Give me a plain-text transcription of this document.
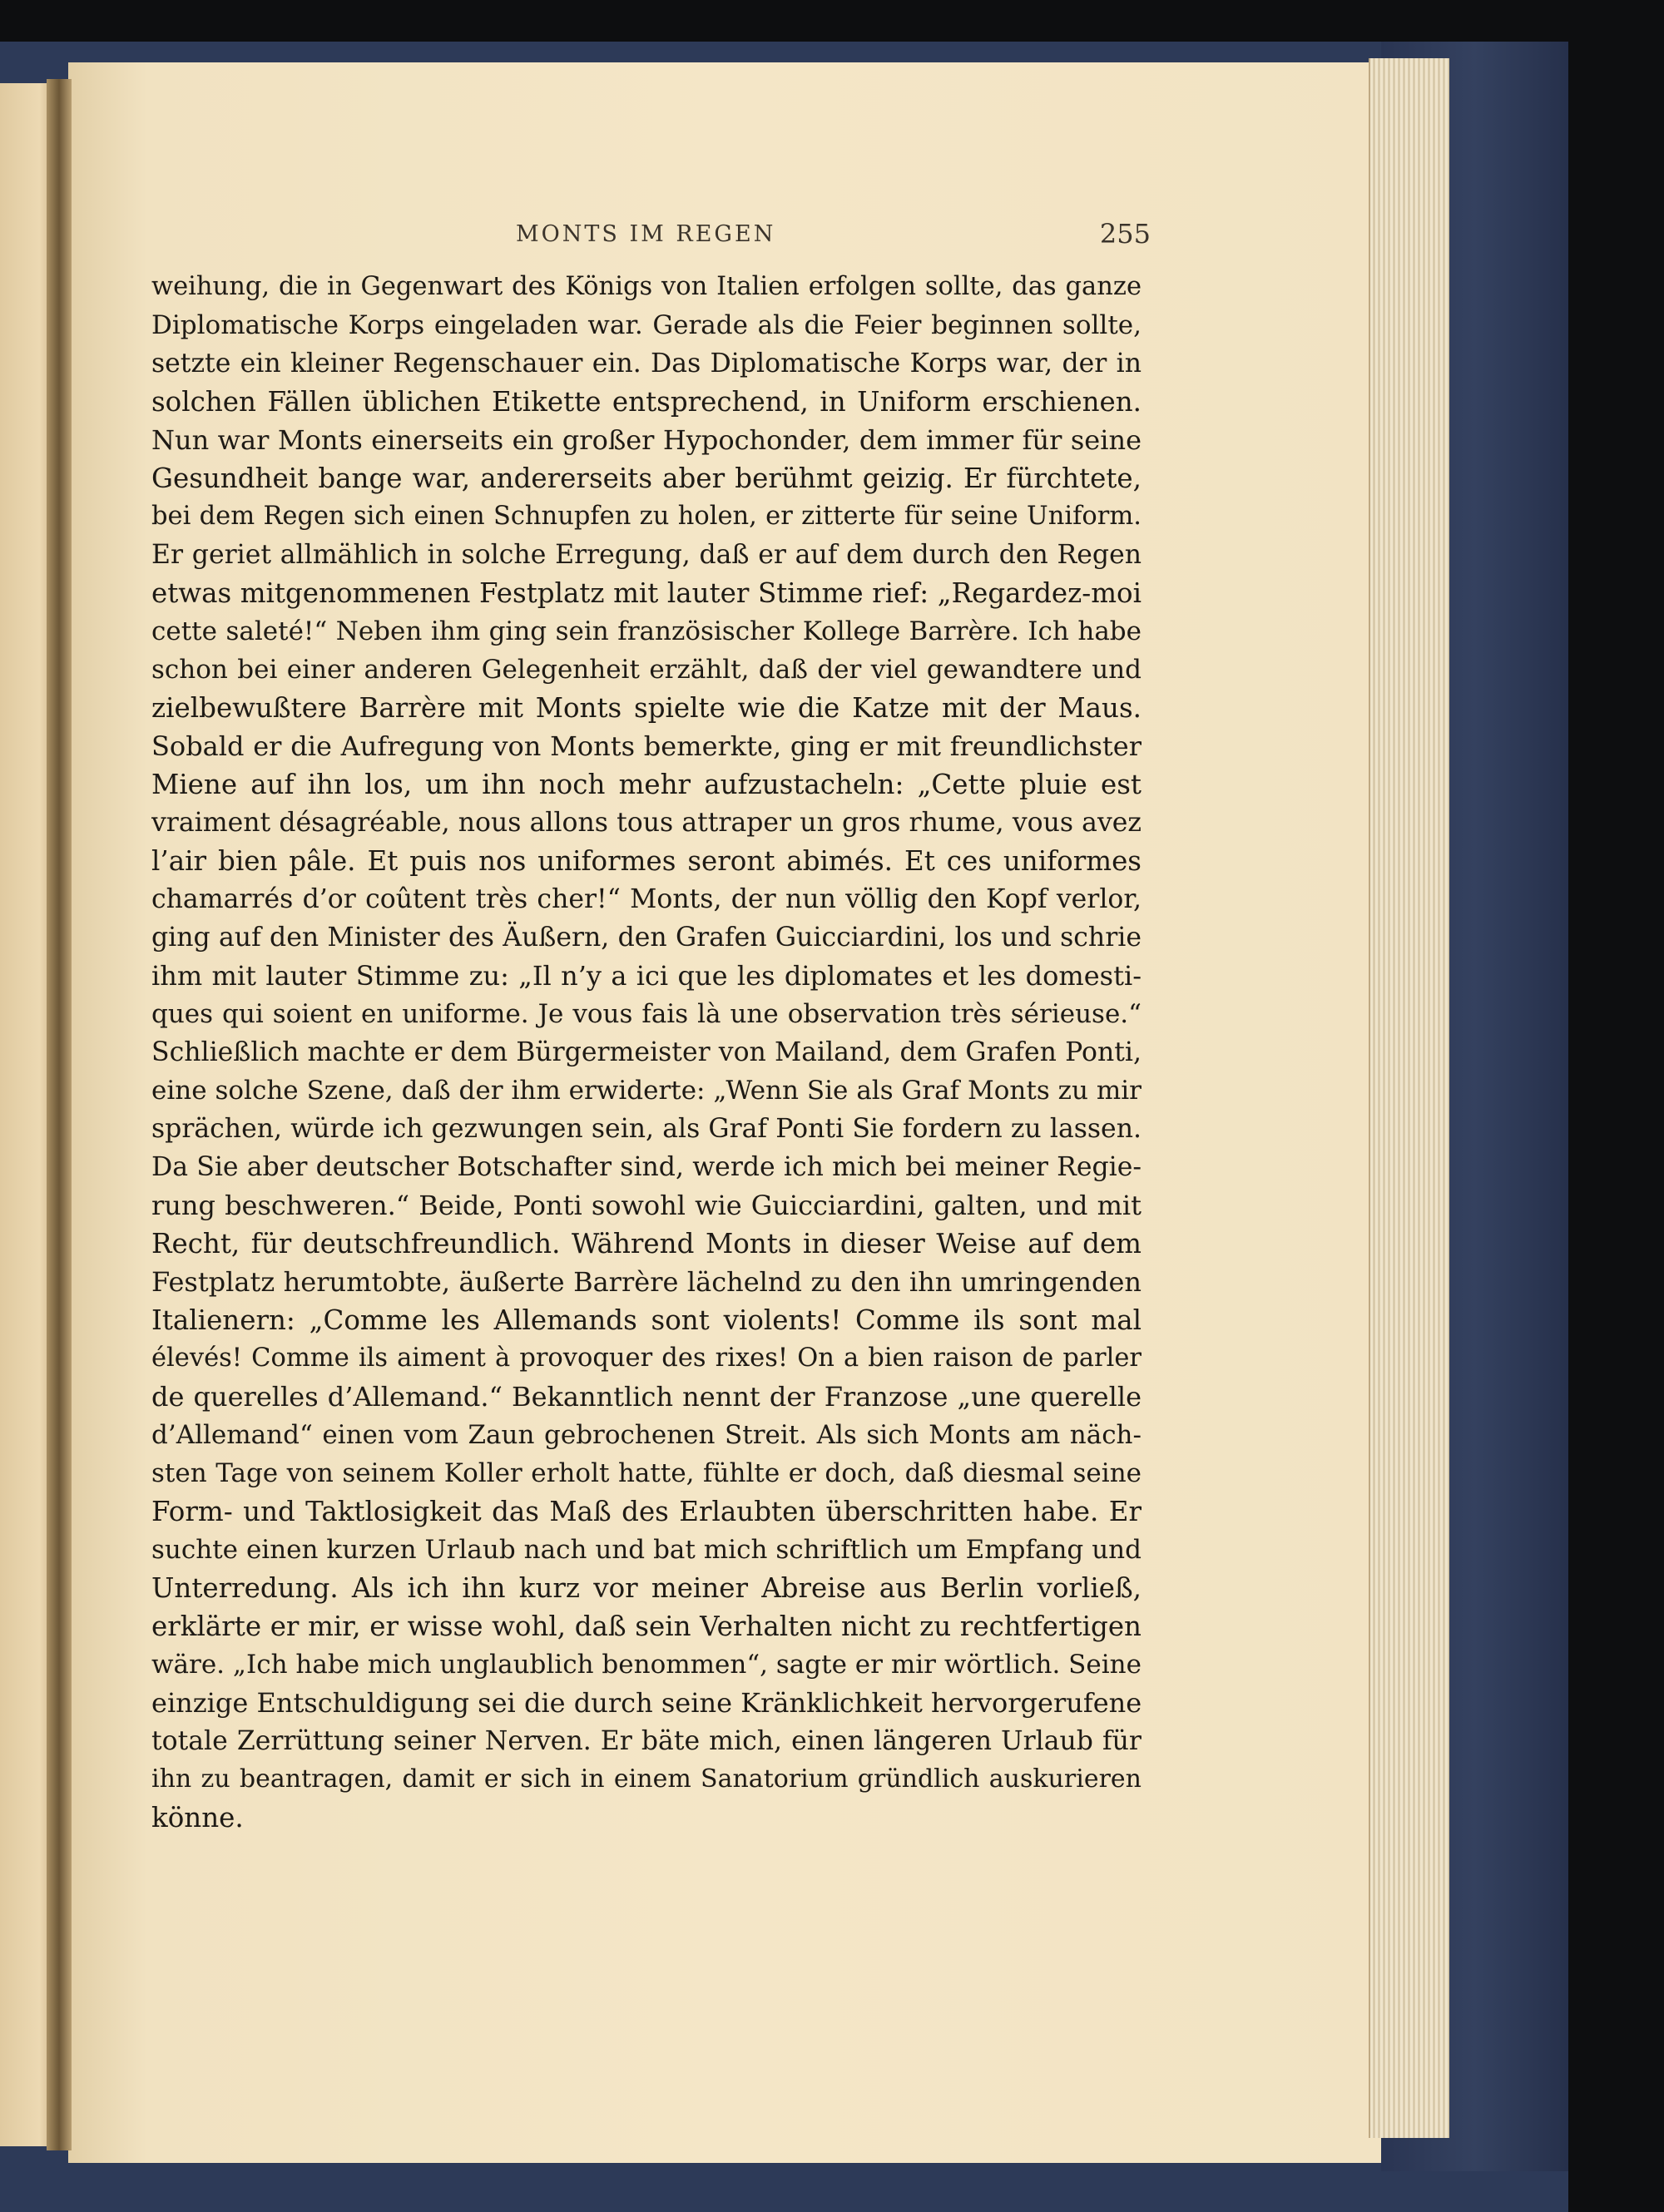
MONTS IM REGEN	255
weihung, die in Gegenwart des Königs von Italien erfolgen sollte, das ganze
Diplomatische Korps eingeladen war. Gerade als die Feier beginnen sollte,
setzte ein kleiner Regenschauer ein. Das Diplomatische Korps war, der in
solchen Fällen üblichen Etikette entsprechend, in Uniform erschienen.
Nun war Monts einerseits ein großer Hypochonder, dem immer für seine
Gesundheit bange war, andererseits aber berühmt geizig. Er fürchtete,
bei dem Regen sich einen Schnupfen zu holen, er zitterte für seine Uniform.
Er geriet allmählich in solche Erregung, daß er auf dem durch den Regen
etwas mitgenommenen Festplatz mit lauter Stimme rief: „Regardez-moi
cette saleté!“ Neben ihm ging sein französischer Kollege Barrère. Ich habe
schon bei einer anderen Gelegenheit erzählt, daß der viel gewandtere und
zielbewußtere Barrère mit Monts spielte wie die Katze mit der Maus.
Sobald er die Aufregung von Monts bemerkte, ging er mit freundlichster
Miene auf ihn los, um ihn noch mehr aufzustacheln: „Cette pluie est
vraiment désagréable, nous allons tous attraper un gros rhume, vous avez
l’air bien pâle. Et puis nos uniformes seront abimés. Et ces uniformes
chamarrés d’or coûtent très cher!“ Monts, der nun völlig den Kopf verlor,
ging auf den Minister des Äußern, den Grafen Guicciardini, los und schrie
ihm mit lauter Stimme zu: „Il n’y a ici que les diplomates et les domesti-
ques qui soient en uniforme. Je vous fais là une observation très sérieuse.“
Schließlich machte er dem Bürgermeister von Mailand, dem Grafen Ponti,
eine solche Szene, daß der ihm erwiderte: „Wenn Sie als Graf Monts zu mir
sprächen, würde ich gezwungen sein, als Graf Ponti Sie fordern zu lassen.
Da Sie aber deutscher Botschafter sind, werde ich mich bei meiner Regie-
rung beschweren.“ Beide, Ponti sowohl wie Guicciardini, galten, und mit
Recht, für deutschfreundlich. Während Monts in dieser Weise auf dem
Festplatz herumtobte, äußerte Barrère lächelnd zu den ihn umringenden
Italienern: „Comme les Allemands sont violents! Comme ils sont mal
élevés! Comme ils aiment à provoquer des rixes! On a bien raison de parler
de querelles d’Allemand.“ Bekanntlich nennt der Franzose „une querelle
d’Allemand“ einen vom Zaun gebrochenen Streit. Als sich Monts am näch-
sten Tage von seinem Koller erholt hatte, fühlte er doch, daß diesmal seine
Form- und Taktlosigkeit das Maß des Erlaubten überschritten habe. Er
suchte einen kurzen Urlaub nach und bat mich schriftlich um Empfang und
Unterredung. Als ich ihn kurz vor meiner Abreise aus Berlin vorließ,
erklärte er mir, er wisse wohl, daß sein Verhalten nicht zu rechtfertigen
wäre. „Ich habe mich unglaublich benommen“, sagte er mir wörtlich. Seine
einzige Entschuldigung sei die durch seine Kränklichkeit hervorgerufene
totale Zerrüttung seiner Nerven. Er bäte mich, einen längeren Urlaub für
ihn zu beantragen, damit er sich in einem Sanatorium gründlich auskurieren
könne.
